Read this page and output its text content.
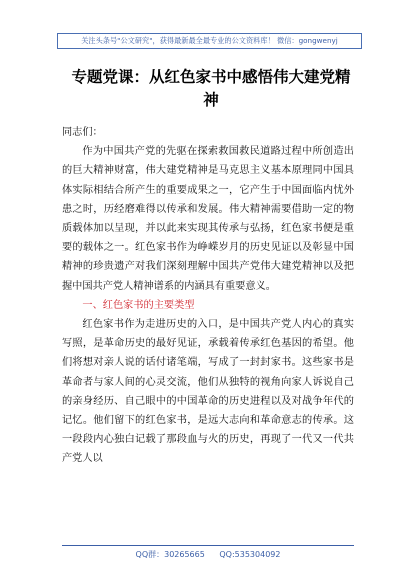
关注头条号"公文研究"，获得最新最全最专业的公文资料库！ 微信：gongwenyj
专题党课：从红色家书中感悟伟大建党精神

同志们：

作为中国共产党的先驱在探索救国救民道路过程中所创造出的巨大精神财富，伟大建党精神是马克思主义基本原理同中国具体实际相结合所产生的重要成果之一，它产生于中国面临内忧外患之时，历经磨难得以传承和发展。伟大精神需要借助一定的物质载体加以呈现，并以此来实现其传承与弘扬，红色家书便是重要的载体之一。红色家书作为峥嵘岁月的历史见证以及彰显中国精神的珍贵遗产对我们深刻理解中国共产党伟大建党精神以及把握中国共产党人精神谱系的内涵具有重要意义。

一、红色家书的主要类型

红色家书作为走进历史的入口，是中国共产党人内心的真实写照，是革命历史的最好见证，承载着传承红色基因的希望。他们将想对亲人说的话付诸笔端，写成了一封封家书。这些家书是革命者与家人间的心灵交流，他们从独特的视角向家人诉说自己的亲身经历、自己眼中的中国革命的历史进程以及对战争年代的记忆。他们留下的红色家书，是远大志向和革命意志的传承。这一段段内心独白记载了那段血与火的历史，再现了一代又一代共产党人以

QQ群：30265665 QQ:535304092
